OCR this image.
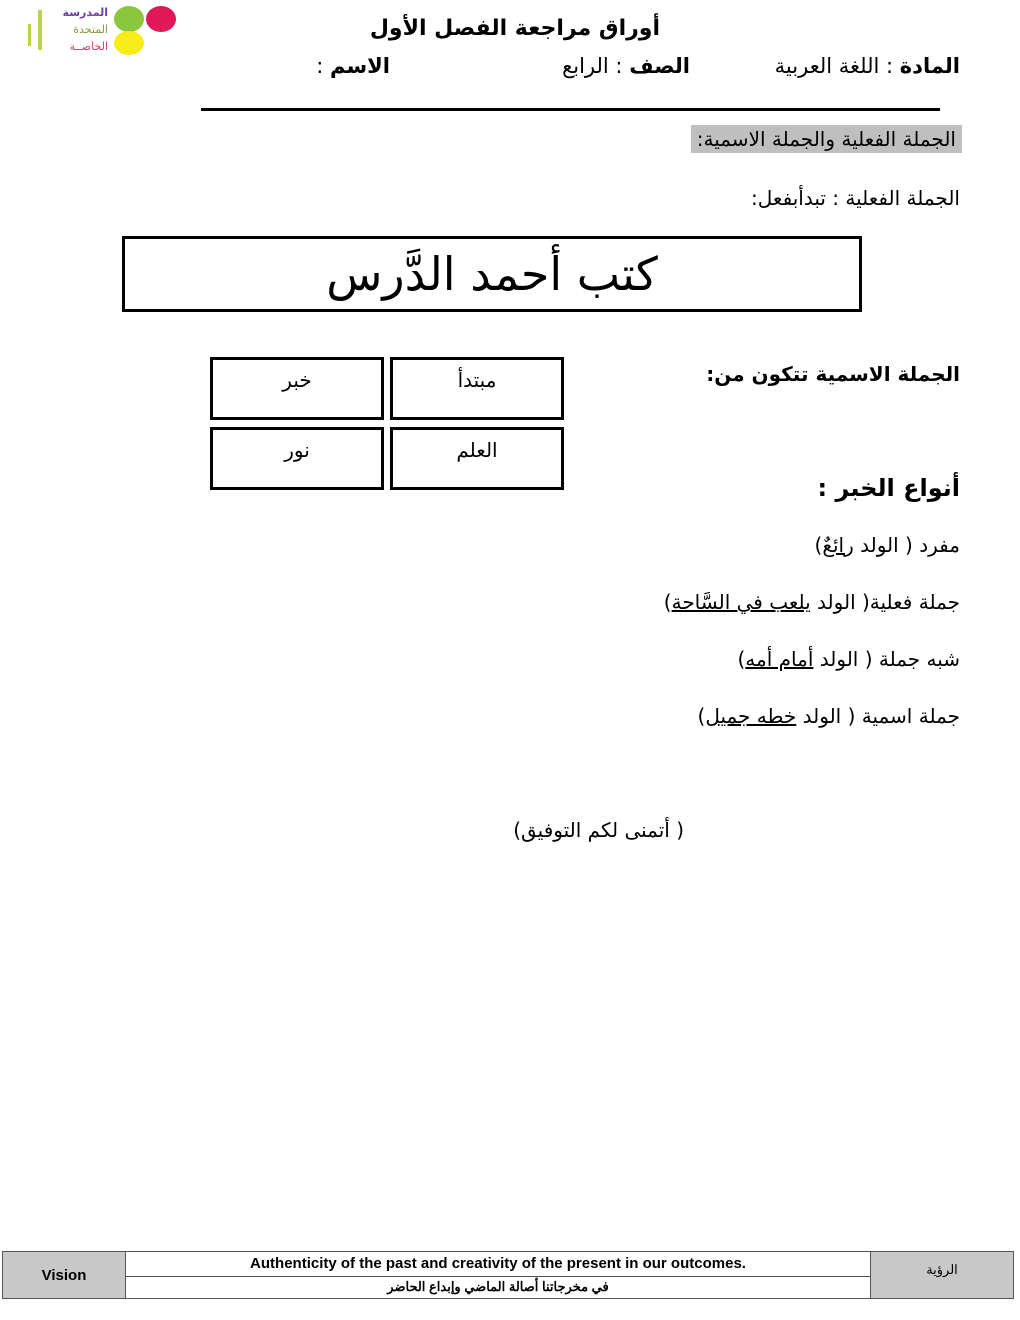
المدرسة
المتحدة
الخاصــة
أوراق مراجعة الفصل الأول
المادة : اللغة العربية
الصف : الرابع
الاسم :
الجملة الفعلية والجملة الاسمية:
الجملة الفعلية : تبدأبفعل:
كتب أحمد الدَّرس
الجملة الاسمية تتكون من:
مبتدأ
خبر
العلم
نور
أنواع الخبر :
مفرد ( الولد رائعٌ)
جملة فعلية( الولد يلعب في السَّاحة)
شبه جملة ( الولد أمام أمه)
جملة اسمية ( الولد خطه جميل)
( أتمنى لكم التوفيق)
Vision	Authenticity of the past and creativity of the present in our outcomes.	الرؤية
في مخرجاتنا أصالة الماضي وإبداع الحاضر
